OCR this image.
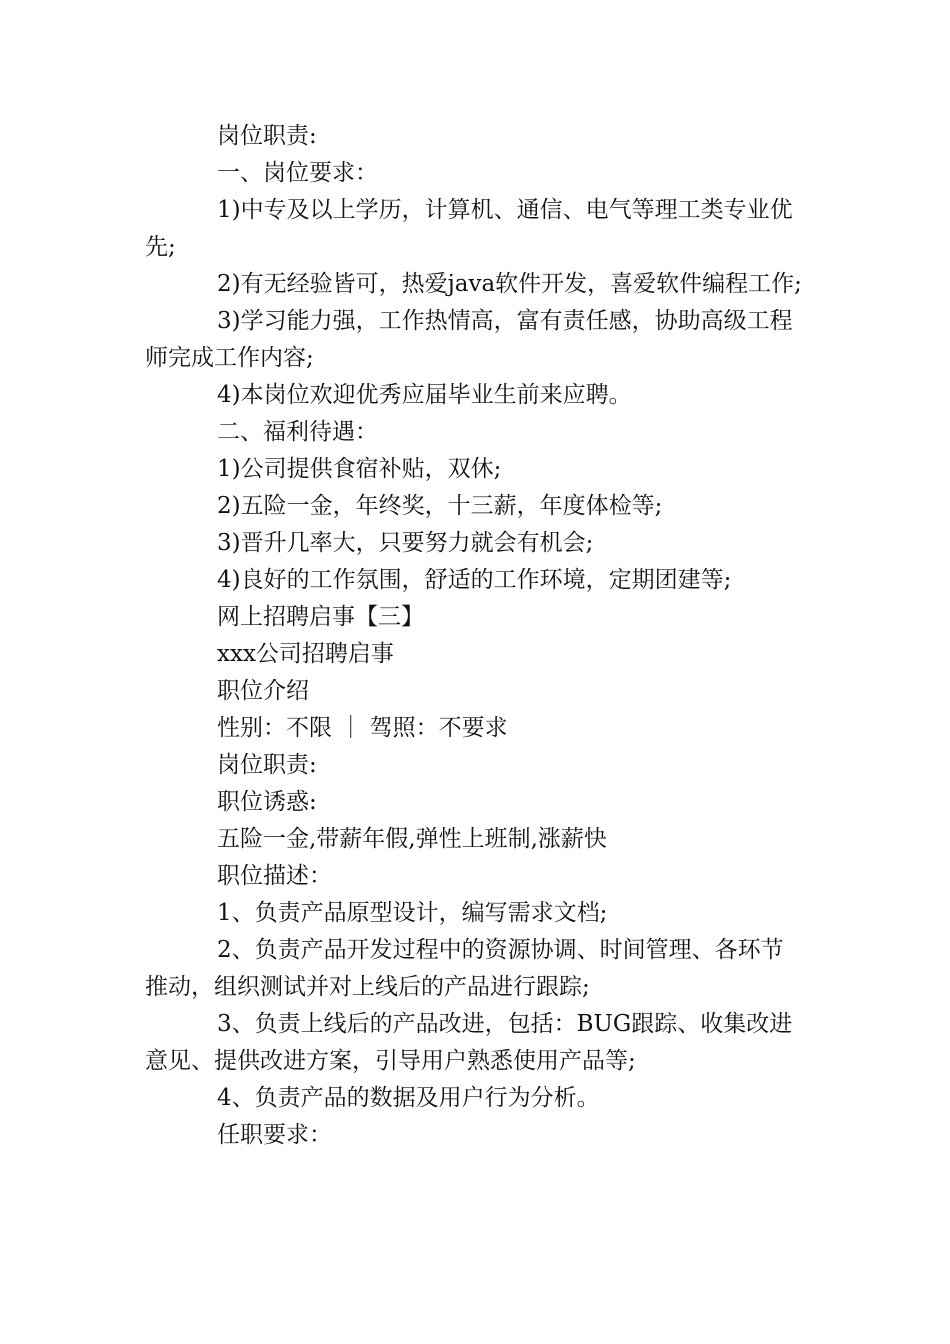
岗位职责:

一、岗位要求：

1)中专及以上学历，计算机、通信、电气等理工类专业优先;

2)有无经验皆可，热爱java软件开发，喜爱软件编程工作;

3)学习能力强，工作热情高，富有责任感，协助高级工程师完成工作内容;

4)本岗位欢迎优秀应届毕业生前来应聘。

二、福利待遇：

1)公司提供食宿补贴，双休;

2)五险一金，年终奖，十三薪，年度体检等;

3)晋升几率大，只要努力就会有机会;

4)良好的工作氛围，舒适的工作环境，定期团建等;

网上招聘启事【三】

xxx公司招聘启事

职位介绍

性别：不限 ｜ 驾照：不要求

岗位职责:

职位诱惑:

五险一金,带薪年假,弹性上班制,涨薪快

职位描述：

1、负责产品原型设计，编写需求文档;

2、负责产品开发过程中的资源协调、时间管理、各环节推动，组织测试并对上线后的产品进行跟踪;

3、负责上线后的产品改进，包括：BUG跟踪、收集改进意见、提供改进方案，引导用户熟悉使用产品等;

4、负责产品的数据及用户行为分析。

任职要求：
